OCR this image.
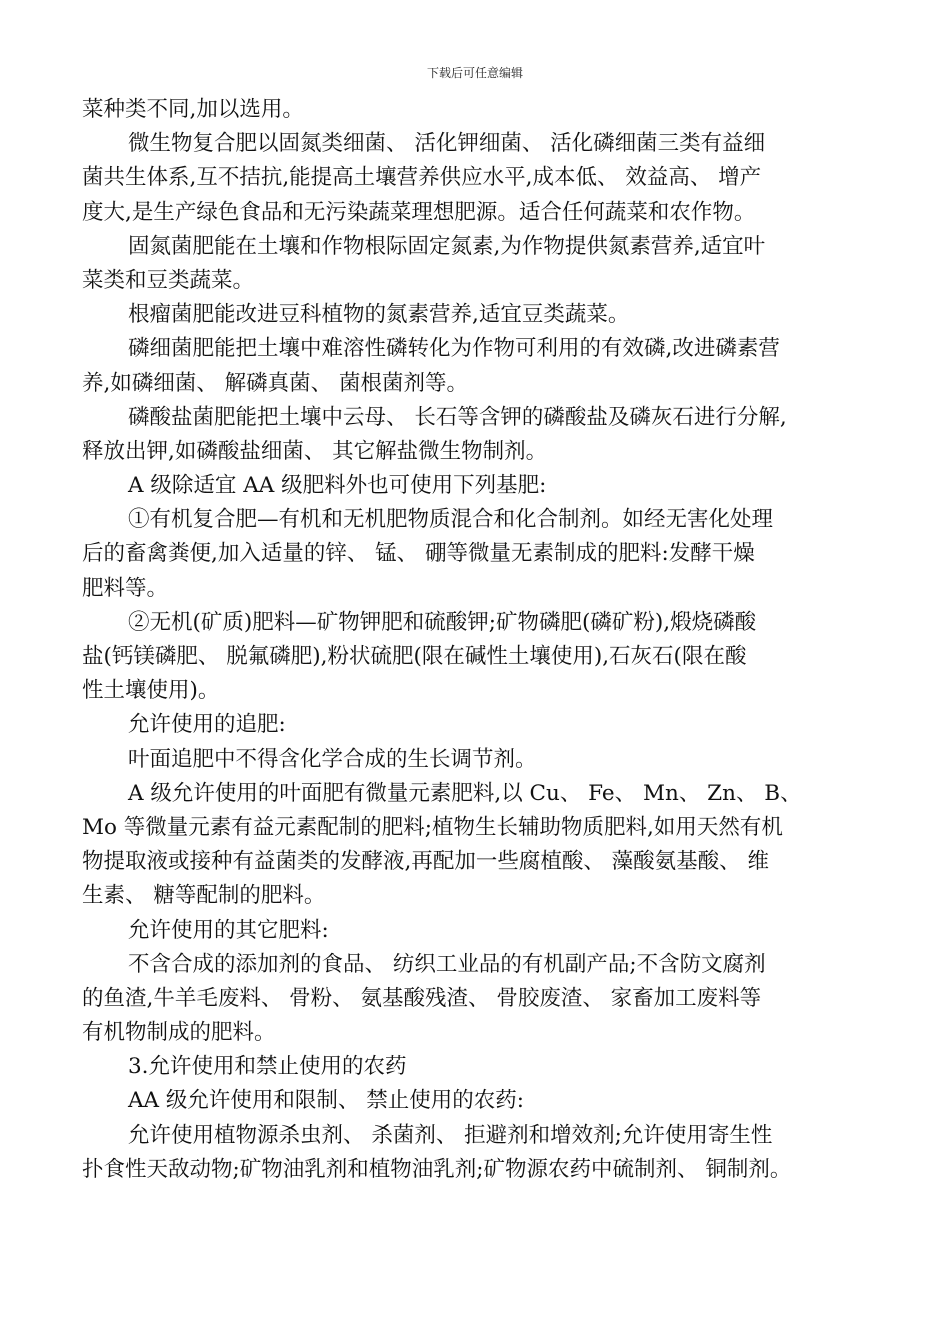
下载后可任意编辑
菜种类不同,加以选用。
微生物复合肥以固氮类细菌、 活化钾细菌、 活化磷细菌三类有益细
菌共生体系,互不拮抗,能提高土壤营养供应水平,成本低、 效益高、 增产
度大,是生产绿色食品和无污染蔬菜理想肥源。适合任何蔬菜和农作物。
固氮菌肥能在土壤和作物根际固定氮素,为作物提供氮素营养,适宜叶
菜类和豆类蔬菜。
根瘤菌肥能改进豆科植物的氮素营养,适宜豆类蔬菜。
磷细菌肥能把土壤中难溶性磷转化为作物可利用的有效磷,改进磷素营
养,如磷细菌、 解磷真菌、 菌根菌剂等。
磷酸盐菌肥能把土壤中云母、 长石等含钾的磷酸盐及磷灰石进行分解,
释放出钾,如磷酸盐细菌、 其它解盐微生物制剂。
A 级除适宜 AA 级肥料外也可使用下列基肥:
①有机复合肥—有机和无机肥物质混合和化合制剂。如经无害化处理
后的畜禽粪便,加入适量的锌、 锰、 硼等微量无素制成的肥料:发酵干燥
肥料等。
②无机(矿质)肥料—矿物钾肥和硫酸钾;矿物磷肥(磷矿粉),煅烧磷酸
盐(钙镁磷肥、 脱氟磷肥),粉状硫肥(限在碱性土壤使用),石灰石(限在酸
性土壤使用)。
允许使用的追肥:
叶面追肥中不得含化学合成的生长调节剂。
A 级允许使用的叶面肥有微量元素肥料,以 Cu、 Fe、 Mn、 Zn、 B、
Mo 等微量元素有益元素配制的肥料;植物生长辅助物质肥料,如用天然有机
物提取液或接种有益菌类的发酵液,再配加一些腐植酸、 藻酸氨基酸、 维
生素、 糖等配制的肥料。
允许使用的其它肥料:
不含合成的添加剂的食品、 纺织工业品的有机副产品;不含防文腐剂
的鱼渣,牛羊毛废料、 骨粉、 氨基酸残渣、 骨胶废渣、 家畜加工废料等
有机物制成的肥料。
3.允许使用和禁止使用的农药
AA 级允许使用和限制、 禁止使用的农药:
允许使用植物源杀虫剂、 杀菌剂、 拒避剂和增效剂;允许使用寄生性
扑食性天敌动物;矿物油乳剂和植物油乳剂;矿物源农药中硫制剂、 铜制剂。
